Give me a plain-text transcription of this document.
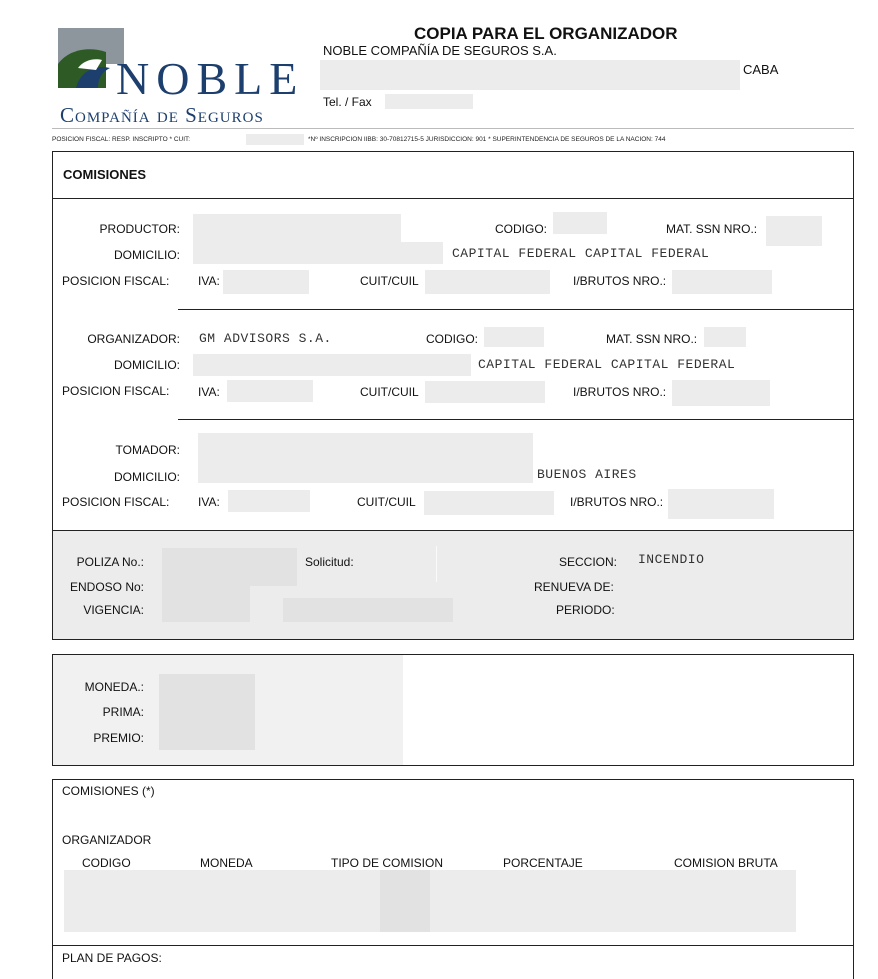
NOBLE
Compañía de Seguros
COPIA PARA EL ORGANIZADOR
NOBLE COMPAÑÍA DE SEGUROS S.A.
CABA
Tel. / Fax
POSICION FISCAL: RESP. INSCRIPTO * CUIT:	*Nº INSCRIPCION IIBB: 30-70812715-5 JURISDICCION: 901 * SUPERINTENDENCIA DE SEGUROS DE LA NACION: 744
COMISIONES
PRODUCTOR:	CODIGO:	MAT. SSN NRO.:
DOMICILIO:	CAPITAL FEDERAL CAPITAL FEDERAL
POSICION FISCAL: IVA:	CUIT/CUIL	I/BRUTOS NRO.:
ORGANIZADOR: GM ADVISORS S.A.	CODIGO:	MAT. SSN NRO.:
DOMICILIO:	CAPITAL FEDERAL CAPITAL FEDERAL
POSICION FISCAL: IVA:	CUIT/CUIL	I/BRUTOS NRO.:
TOMADOR:
DOMICILIO:	BUENOS AIRES
POSICION FISCAL: IVA:	CUIT/CUIL	I/BRUTOS NRO.:
POLIZA No.:	Solicitud:	SECCION: INCENDIO
ENDOSO No:	RENUEVA DE:
VIGENCIA:	PERIODO:
MONEDA.:
PRIMA:
PREMIO:
COMISIONES (*)
ORGANIZADOR
CODIGO	MONEDA	TIPO DE COMISION	PORCENTAJE	COMISION BRUTA
PLAN DE PAGOS:
